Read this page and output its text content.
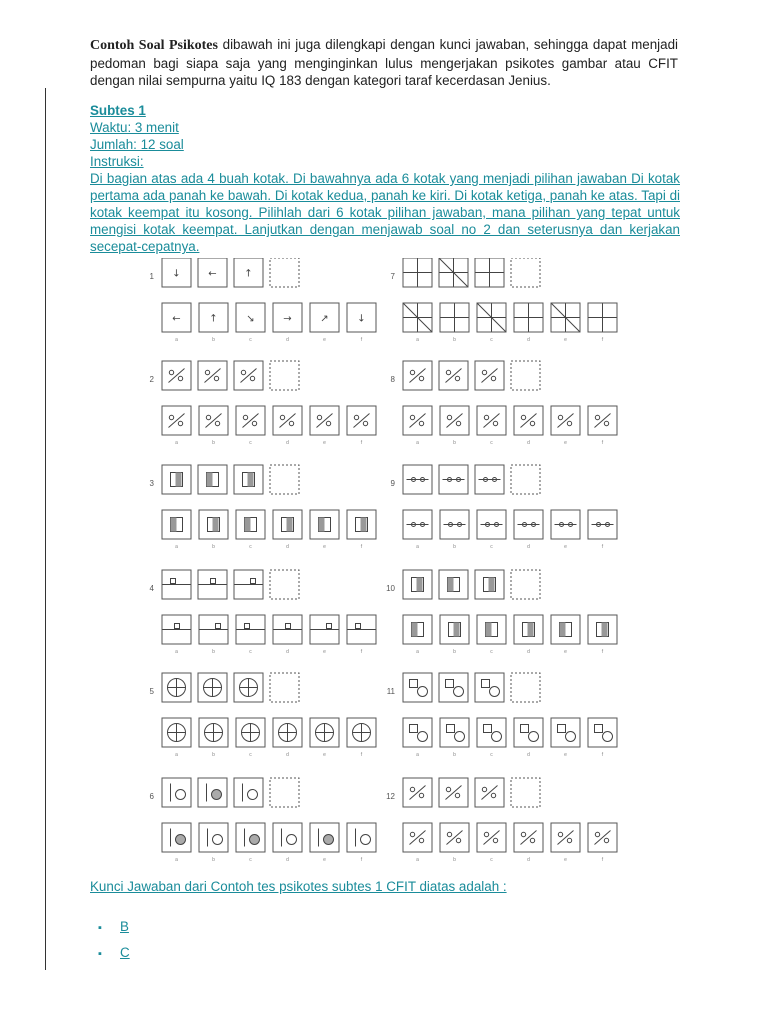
Contoh Soal Psikotes dibawah ini juga dilengkapi dengan kunci jawaban, sehingga dapat menjadi pedoman bagi siapa saja yang menginginkan lulus mengerjakan psikotes gambar atau CFIT dengan nilai sempurna yaitu IQ 183 dengan kategori taraf kecerdasan Jenius.
Subtes 1
Waktu: 3 menit
Jumlah: 12 soal
Instruksi:
Di bagian atas ada 4 buah kotak. Di bawahnya ada 6 kotak yang menjadi pilihan jawaban Di kotak pertama ada panah ke bawah. Di kotak kedua, panah ke kiri. Di kotak ketiga, panah ke atas. Tapi di kotak keempat itu kosong. Pilihlah dari 6 kotak pilihan jawaban, mana pilihan yang tepat untuk mengisi kotak keempat. Lanjutkan dengan menjawab soal no 2 dan seterusnya dan kerjakan secepat-cepatnya.
1 ↓	←	↑
←
a
↑
b
↘
c
→
d
↗
e
↓
f
2
a	b	c	d	e	f
3
a	b	c	d	e	f
4
a	b	c	d	e	f
5
a	b	c	d	e	f
6
a	b	c	d	e	f
7
a	b	c	d	e	f
8
a	b	c	d	e	f
9
a	b	c	d	e	f
10
a	b	c	d	e	f
11
a	b	c	d	e	f
12
a	b	c	d	e	f
Kunci Jawaban dari Contoh tes psikotes subtes 1 CFIT diatas adalah :
▪ B
▪ C
